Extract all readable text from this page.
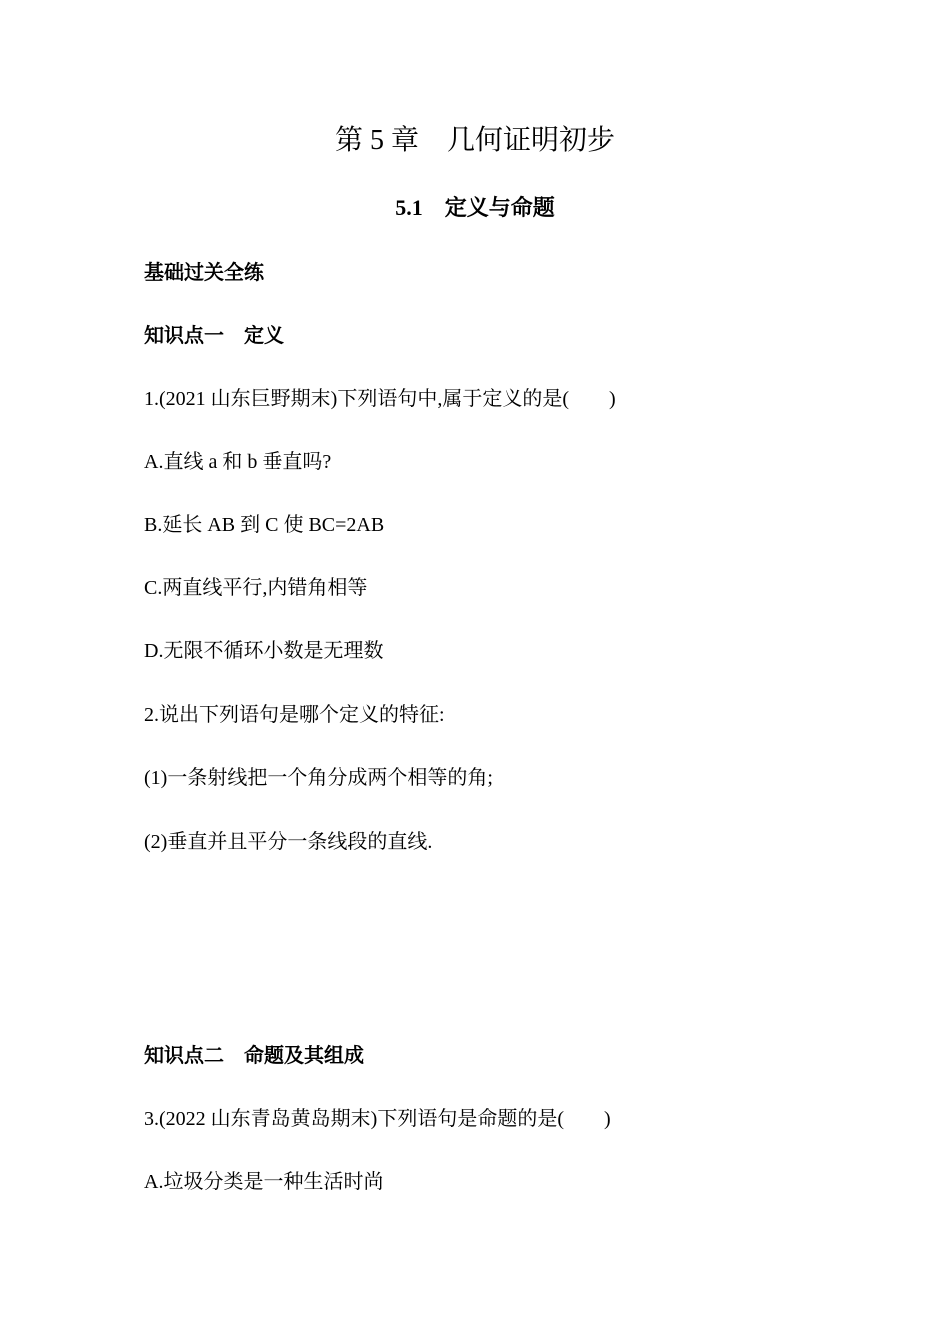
第 5 章　几何证明初步
5.1　定义与命题
基础过关全练
知识点一　定义
1.(2021 山东巨野期末)下列语句中,属于定义的是(　　)
A.直线 a 和 b 垂直吗?
B.延长 AB 到 C 使 BC=2AB
C.两直线平行,内错角相等
D.无限不循环小数是无理数
2.说出下列语句是哪个定义的特征:
(1)一条射线把一个角分成两个相等的角;
(2)垂直并且平分一条线段的直线.
知识点二　命题及其组成
3.(2022 山东青岛黄岛期末)下列语句是命题的是(　　)
A.垃圾分类是一种生活时尚
